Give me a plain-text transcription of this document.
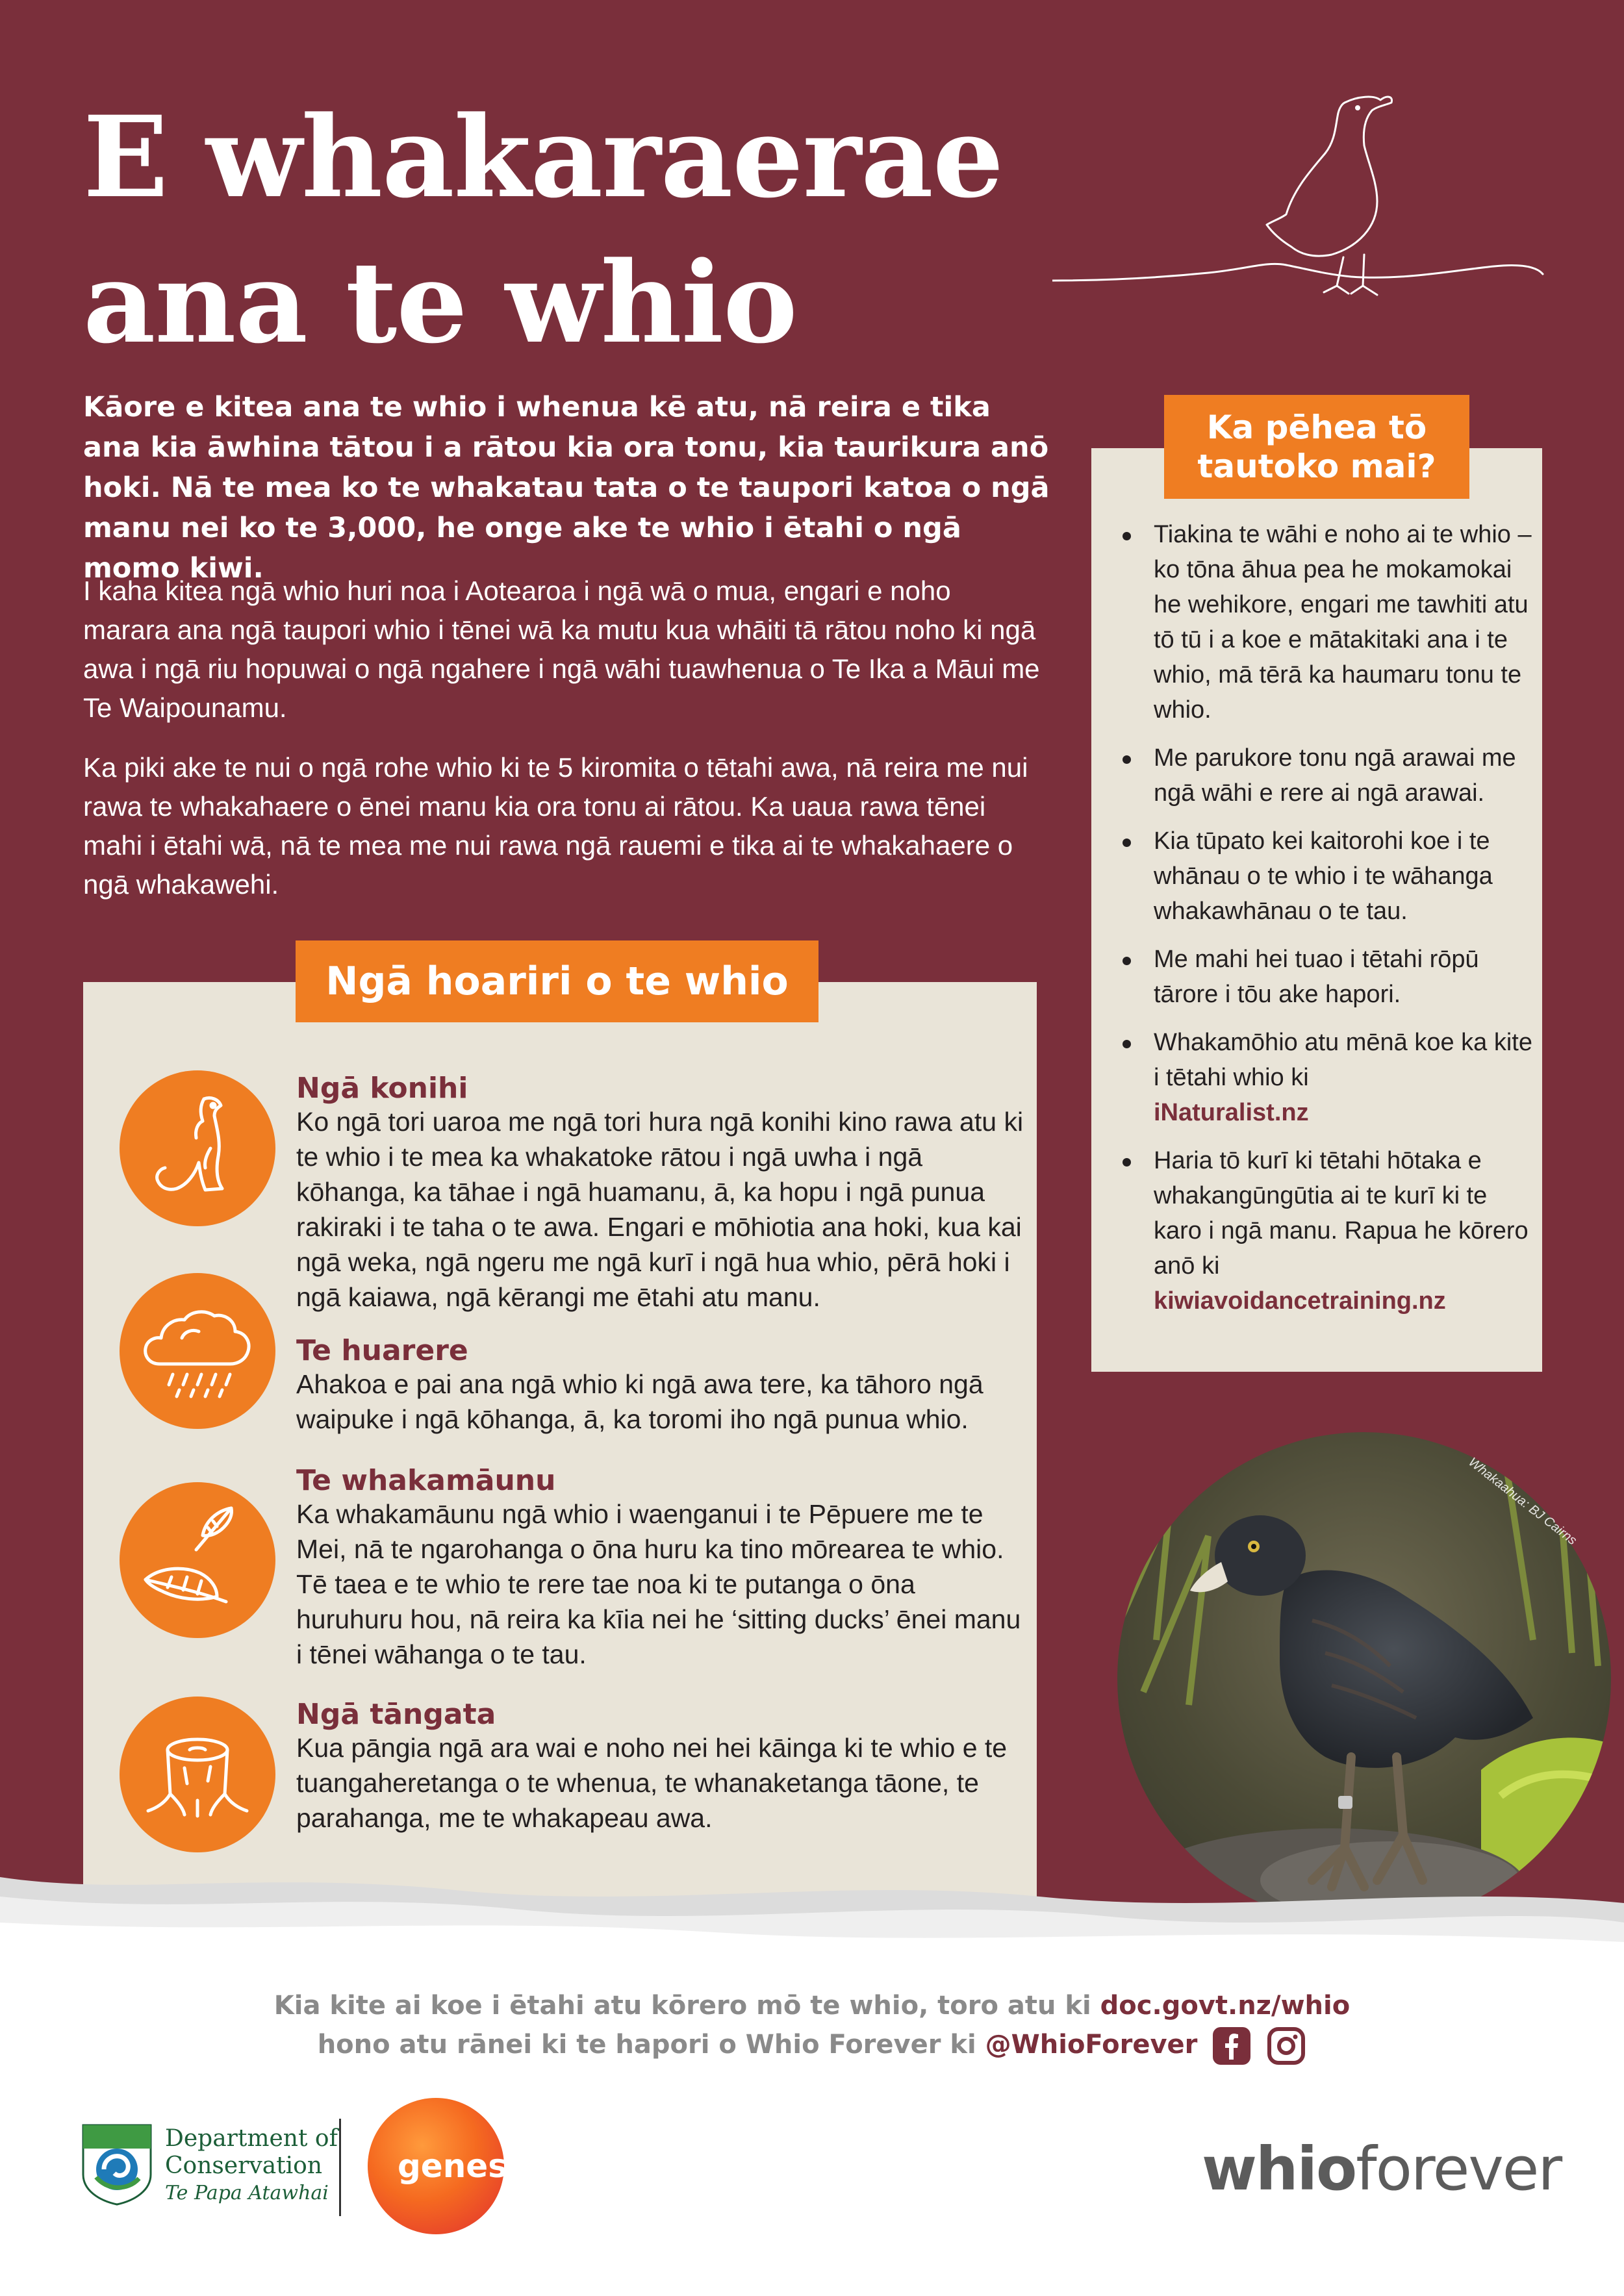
E whakaraerae
ana te whio

Kāore e kitea ana te whio i whenua kē atu, nā reira e tika ana kia āwhina tātou i a rātou kia ora tonu, kia taurikura anō hoki. Nā te mea ko te whakatau tata o te taupori katoa o ngā manu nei ko te 3,000, he onge ake te whio i ētahi o ngā momo kiwi.

I kaha kitea ngā whio huri noa i Aotearoa i ngā wā o mua, engari e noho marara ana ngā taupori whio i tēnei wā ka mutu kua whāiti tā rātou noho ki ngā awa i ngā riu hopuwai o ngā ngahere i ngā wāhi tuawhenua o Te Ika a Māui me Te Waipounamu.

Ka piki ake te nui o ngā rohe whio ki te 5 kiromita o tētahi awa, nā reira me nui rawa te whakahaere o ēnei manu kia ora tonu ai rātou. Ka uaua rawa tēnei mahi i ētahi wā, nā te mea me nui rawa ngā rauemi e tika ai te whakahaere o ngā whakawehi.

Ngā hoariri o te whio
Ngā konihi
Ko ngā tori uaroa me ngā tori hura ngā konihi kino rawa atu ki te whio i te mea ka whakatoke rātou i ngā uwha i ngā kōhanga, ka tāhae i ngā huamanu, ā, ka hopu i ngā punua rakiraki i te taha o te awa. Engari e mōhiotia ana hoki, kua kai ngā weka, ngā ngeru me ngā kurī i ngā hua whio, pērā hoki i ngā kaiawa, ngā kērangi me ētahi atu manu.
Te huarere
Ahakoa e pai ana ngā whio ki ngā awa tere, ka tāhoro ngā waipuke i ngā kōhanga, ā, ka toromi iho ngā punua whio.
Te whakamāunu
Ka whakamāunu ngā whio i waenganui i te Pēpuere me te Mei, nā te ngarohanga o ōna huru ka tino mōrearea te whio. Tē taea e te whio te rere tae noa ki te putanga o ōna huruhuru hou, nā reira ka kīia nei he ‘sitting ducks’ ēnei manu i tēnei wāhanga o te tau.
Ngā tāngata
Kua pāngia ngā ara wai e noho nei hei kāinga ki te whio e te tuangaheretanga o te whenua, te whanaketanga tāone, te parahanga, me te whakapeau awa.
Ka pēhea tō
tautoko mai?
Tiakina te wāhi e noho ai te whio – ko tōna āhua pea he mokamokai he wehikore, engari me tawhiti atu tō tū i a koe e mātakitaki ana i te whio, mā tērā ka haumaru tonu te whio.
Me parukore tonu ngā arawai me ngā wāhi e rere ai ngā arawai.
Kia tūpato kei kaitorohi koe i te whānau o te whio i te wāhanga whakawhānau o te tau.
Me mahi hei tuao i tētahi rōpū tārore i tōu ake hapori.
Whakamōhio atu mēnā koe ka kite i tētahi whio ki
iNaturalist.nz
Haria tō kurī ki tētahi hōtaka e whakangūngūtia ai te kurī ki te karo i ngā manu. Rapua he kōrero anō ki
kiwiavoidancetraining.nz
Whakaahua: BJ Cairns
Kia kite ai koe i ētahi atu kōrero mō te whio, toro atu ki doc.govt.nz/whio
hono atu rānei ki te hapori o Whio Forever ki @WhioForever
Department of
Conservation
Te Papa Atawhai
genesis	whioforever
